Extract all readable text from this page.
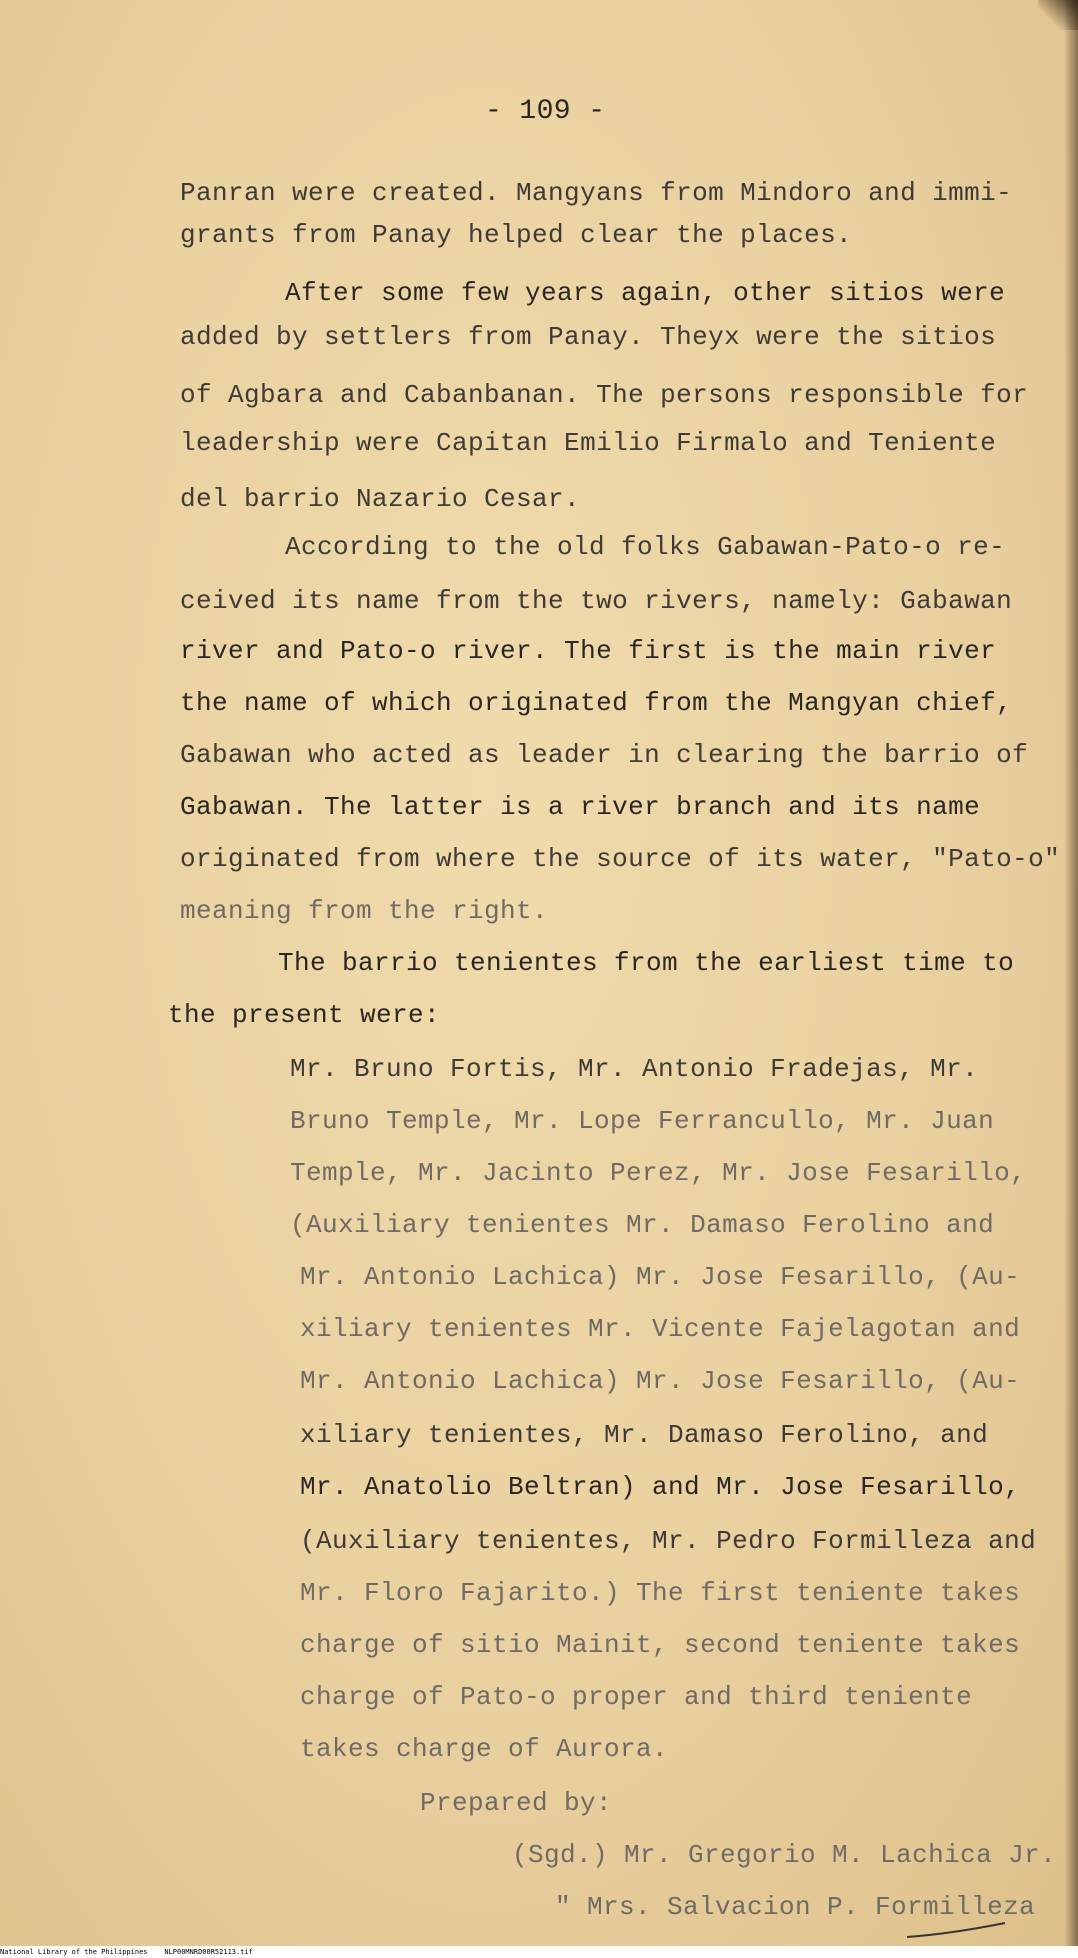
- 109 -

Panran were created. Mangyans from Mindoro and immi-

grants from Panay helped clear the places.

After some few years again, other sitios were

added by settlers from Panay. Theyx were the sitios

of Agbara and Cabanbanan. The persons responsible for

leadership were Capitan Emilio Firmalo and Teniente

del barrio Nazario Cesar.

According to the old folks Gabawan-Pato-o re-

ceived its name from the two rivers, namely: Gabawan

river and Pato-o river. The first is the main river

the name of which originated from the Mangyan chief,

Gabawan who acted as leader in clearing the barrio of

Gabawan. The latter is a river branch and its name

originated from where the source of its water, "Pato-o"

meaning from the right.

The barrio tenientes from the earliest time to

the present were:

Mr. Bruno Fortis, Mr. Antonio Fradejas, Mr.

Bruno Temple, Mr. Lope Ferrancullo, Mr. Juan

Temple, Mr. Jacinto Perez, Mr. Jose Fesarillo,

(Auxiliary tenientes Mr. Damaso Ferolino and

Mr. Antonio Lachica) Mr. Jose Fesarillo, (Au-

xiliary tenientes Mr. Vicente Fajelagotan and

Mr. Antonio Lachica) Mr. Jose Fesarillo, (Au-

xiliary tenientes, Mr. Damaso Ferolino, and

Mr. Anatolio Beltran) and Mr. Jose Fesarillo,

(Auxiliary tenientes, Mr. Pedro Formilleza and

Mr. Floro Fajarito.) The first teniente takes

charge of sitio Mainit, second teniente takes

charge of Pato-o proper and third teniente

takes charge of Aurora.

Prepared by:

(Sgd.) Mr. Gregorio M. Lachica Jr.

" Mrs. Salvacion P. Formilleza

National Library of the Philippines    NLP00MNRD00R52113.tif
